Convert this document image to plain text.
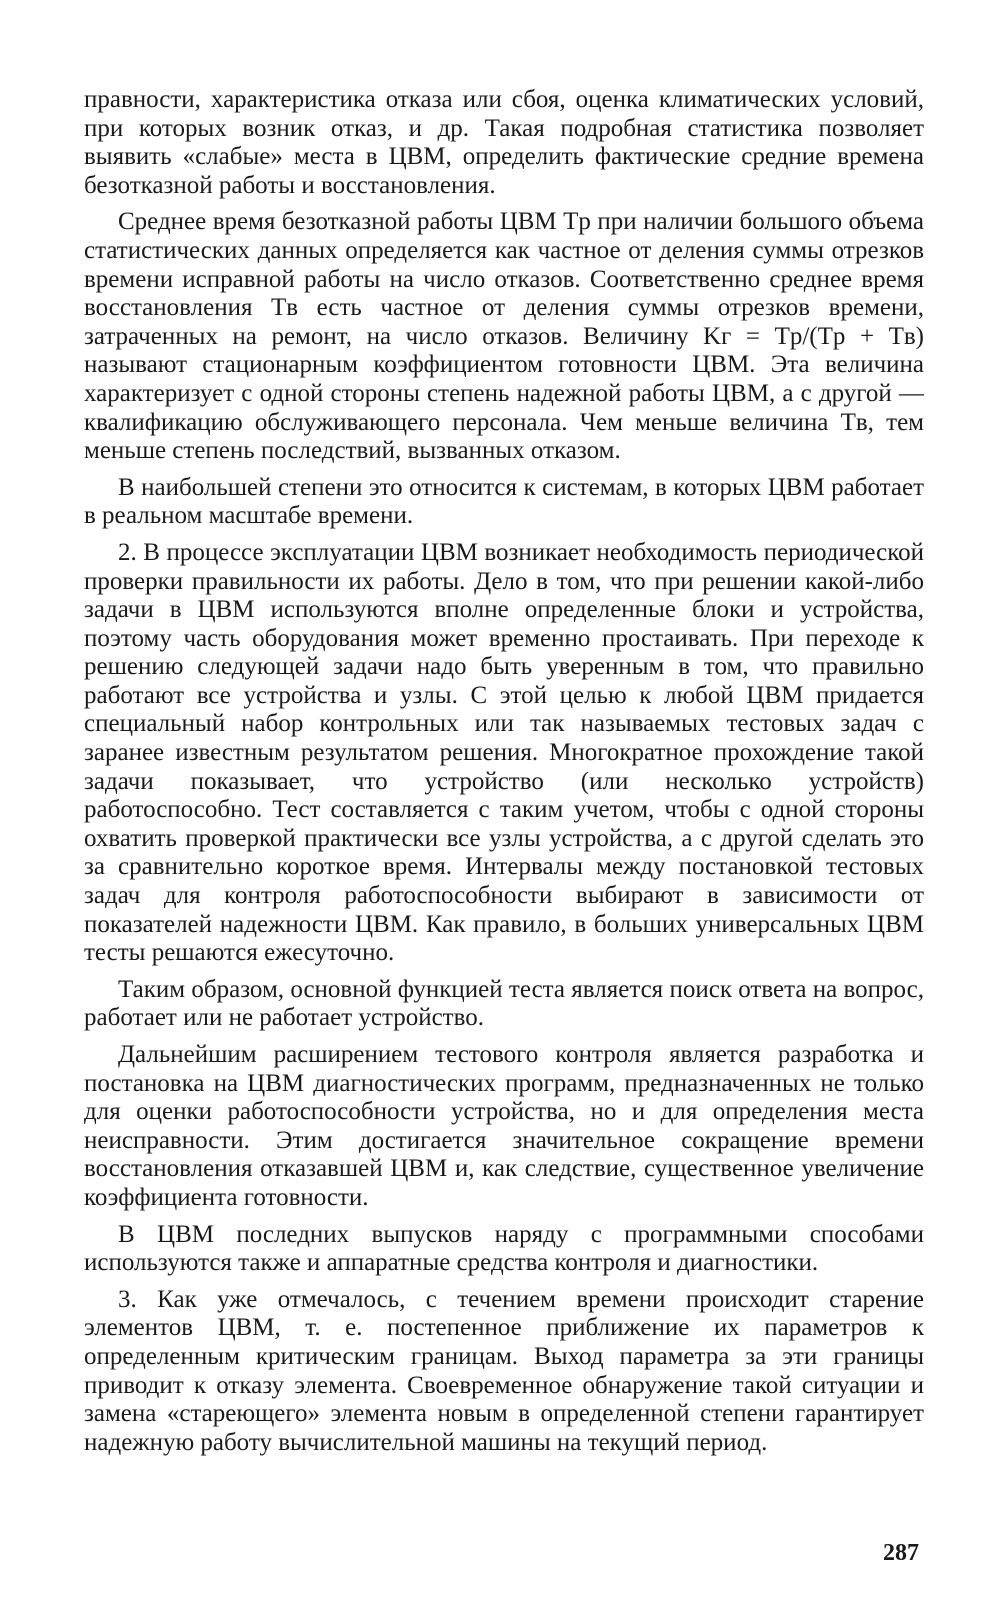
правности, характеристика отказа или сбоя, оценка климатических условий, при которых возник отказ, и др. Такая подробная статистика позволяет выявить «слабые» места в ЦВМ, определить фактические средние времена безотказной работы и восстановления.

Среднее время безотказной работы ЦВМ Tр при наличии большого объема статистических данных определяется как частное от деления суммы отрезков времени исправной работы на число отказов. Соответственно среднее время восстановления Tв есть частное от деления суммы отрезков времени, затраченных на ремонт, на число отказов. Величину Kг = Tр/(Tр + Tв) называют стационарным коэффициентом готовности ЦВМ. Эта величина характеризует с одной стороны степень надежной работы ЦВМ, а с другой — квалификацию обслуживающего персонала. Чем меньше величина Tв, тем меньше степень последствий, вызванных отказом.

В наибольшей степени это относится к системам, в которых ЦВМ работает в реальном масштабе времени.

2. В процессе эксплуатации ЦВМ возникает необходимость периодической проверки правильности их работы. Дело в том, что при решении какой-либо задачи в ЦВМ используются вполне определенные блоки и устройства, поэтому часть оборудования может временно простаивать. При переходе к решению следующей задачи надо быть уверенным в том, что правильно работают все устройства и узлы. С этой целью к любой ЦВМ придается специальный набор контрольных или так называемых тестовых задач с заранее известным результатом решения. Многократное прохождение такой задачи показывает, что устройство (или несколько устройств) работоспособно. Тест составляется с таким учетом, чтобы с одной стороны охватить проверкой практически все узлы устройства, а с другой сделать это за сравнительно короткое время. Интервалы между постановкой тестовых задач для контроля работоспособности выбирают в зависимости от показателей надежности ЦВМ. Как правило, в больших универсальных ЦВМ тесты решаются ежесуточно.

Таким образом, основной функцией теста является поиск ответа на вопрос, работает или не работает устройство.

Дальнейшим расширением тестового контроля является разработка и постановка на ЦВМ диагностических программ, предназначенных не только для оценки работоспособности устройства, но и для определения места неисправности. Этим достигается значительное сокращение времени восстановления отказавшей ЦВМ и, как следствие, существенное увеличение коэффициента готовности.

В ЦВМ последних выпусков наряду с программными способами используются также и аппаратные средства контроля и диагностики.

3. Как уже отмечалось, с течением времени происходит старение элементов ЦВМ, т. е. постепенное приближение их параметров к определенным критическим границам. Выход параметра за эти границы приводит к отказу элемента. Своевременное обнаружение такой ситуации и замена «стареющего» элемента новым в определенной степени гарантирует надежную работу вычислительной машины на текущий период.

287
